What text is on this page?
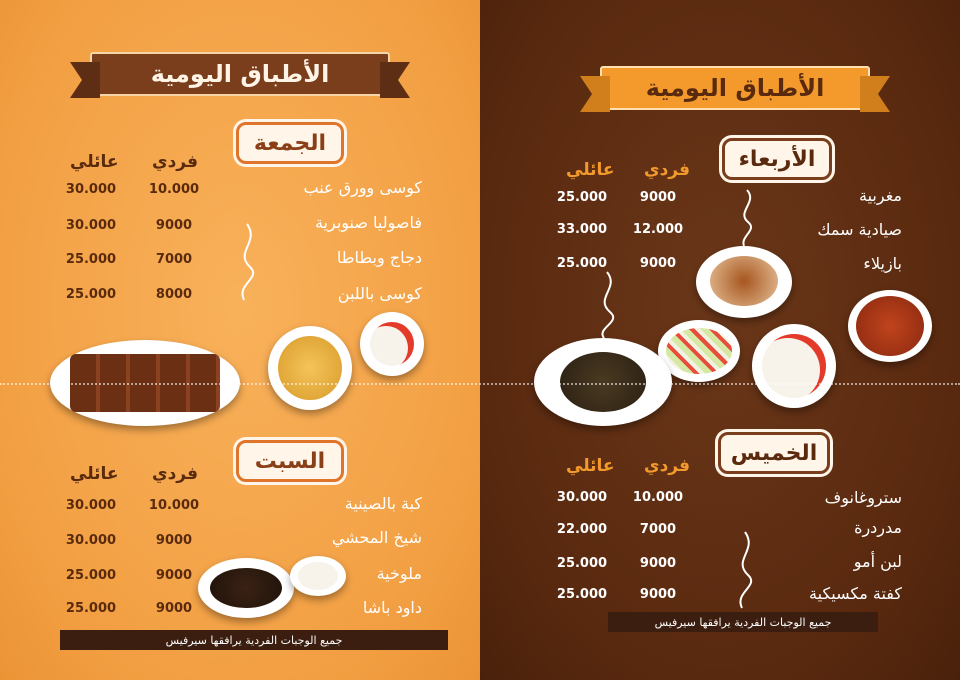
الأطباق اليومية
الجمعة
فردي
عائلي
كوسى وورق عنب
10.000
30.000
فاصوليا صنوبرية
9000
30.000
دجاج وبطاطا
7000
25.000
كوسى باللبن
8000
25.000
السبت
فردي
عائلي
كبة بالصينية
10.000
30.000
شيخ المحشي
9000
30.000
ملوخية
9000
25.000
داود باشا
9000
25.000
جميع الوجبات الفردية يرافقها سيرفيس
الأربعاء
فردي
عائلي
مغربية
9000
25.000
صيادية سمك
12.000
33.000
بازيلاء
9000
25.000
الخميس
فردي
عائلي
ستروغانوف
10.000
30.000
مدردرة
7000
22.000
لبن أمو
9000
25.000
كفتة مكسيكية
9000
25.000
جميع الوجبات الفردية يرافقها سيرفيس
الأطباق اليومية
